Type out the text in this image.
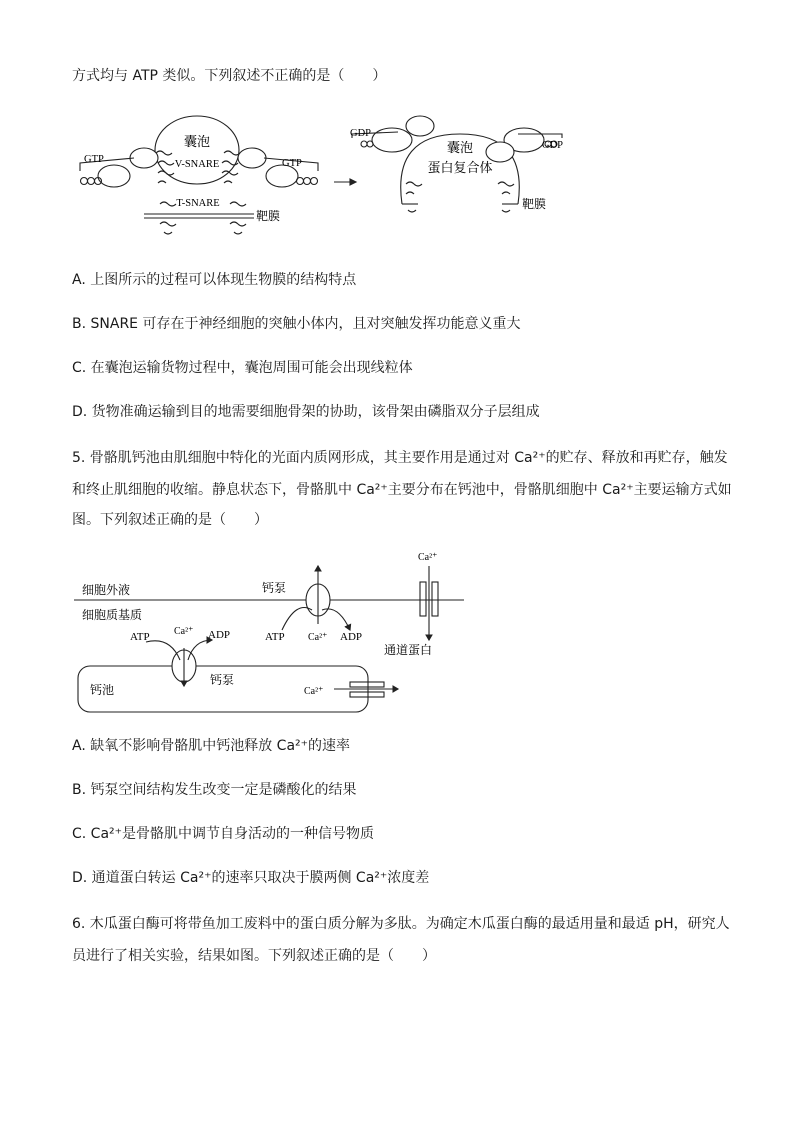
方式均与 ATP 类似。下列叙述不正确的是（　　）
囊泡
V-SNARE
GTP	GTP
T-SNARE
靶膜
GDP
GDP
囊泡
蛋白复合体
靶膜
A. 上图所示的过程可以体现生物膜的结构特点
B. SNARE 可存在于神经细胞的突触小体内，且对突触发挥功能意义重大
C. 在囊泡运输货物过程中，囊泡周围可能会出现线粒体
D. 货物准确运输到目的地需要细胞骨架的协助，该骨架由磷脂双分子层组成
5. 骨骼肌钙池由肌细胞中特化的光面内质网形成，其主要作用是通过对 Ca²⁺的贮存、释放和再贮存，触发
和终止肌细胞的收缩。静息状态下，骨骼肌中 Ca²⁺主要分布在钙池中，骨骼肌细胞中 Ca²⁺主要运输方式如
图。下列叙述正确的是（　　）
细胞外液
细胞质基质
钙泵
ATP Ca²⁺ ADP
Ca²⁺
通道蛋白
ATP Ca²⁺ ADP
钙泵
钙池	Ca²⁺
A. 缺氧不影响骨骼肌中钙池释放 Ca²⁺的速率
B. 钙泵空间结构发生改变一定是磷酸化的结果
C. Ca²⁺是骨骼肌中调节自身活动的一种信号物质
D. 通道蛋白转运 Ca²⁺的速率只取决于膜两侧 Ca²⁺浓度差
6. 木瓜蛋白酶可将带鱼加工废料中的蛋白质分解为多肽。为确定木瓜蛋白酶的最适用量和最适 pH，研究人
员进行了相关实验，结果如图。下列叙述正确的是（　　）
